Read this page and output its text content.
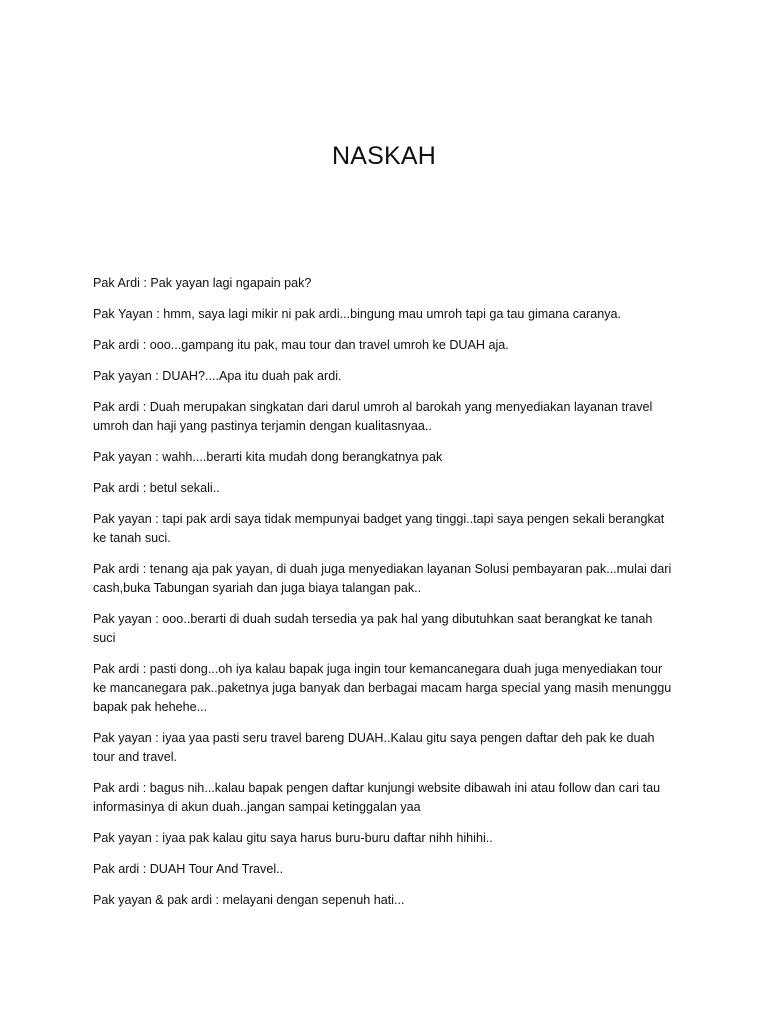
NASKAH

Pak Ardi : Pak yayan lagi ngapain pak?

Pak Yayan : hmm, saya lagi mikir ni pak ardi...bingung mau umroh tapi ga tau gimana caranya.

Pak ardi : ooo...gampang itu pak, mau tour dan travel umroh ke DUAH aja.

Pak yayan : DUAH?....Apa itu duah pak ardi.

Pak ardi : Duah merupakan singkatan dari darul umroh al barokah yang menyediakan layanan travel umroh dan haji yang pastinya terjamin dengan kualitasnyaa..

Pak yayan : wahh....berarti kita mudah dong berangkatnya pak

Pak ardi : betul sekali..

Pak yayan : tapi pak ardi saya tidak mempunyai badget yang tinggi..tapi saya pengen sekali berangkat ke tanah suci.

Pak ardi : tenang aja pak yayan, di duah juga menyediakan layanan Solusi pembayaran pak...mulai dari cash,buka Tabungan syariah dan juga biaya talangan pak..

Pak yayan : ooo..berarti di duah sudah tersedia ya pak hal yang dibutuhkan saat berangkat ke tanah suci

Pak ardi : pasti dong...oh iya kalau bapak juga ingin tour kemancanegara duah juga menyediakan tour ke mancanegara pak..paketnya juga banyak dan berbagai macam harga special yang masih menunggu bapak pak hehehe...

Pak yayan : iyaa yaa pasti seru travel bareng DUAH..Kalau gitu saya pengen daftar deh pak ke duah tour and travel.

Pak ardi : bagus nih...kalau bapak pengen daftar kunjungi website dibawah ini atau follow dan cari tau informasinya di akun duah..jangan sampai ketinggalan yaa

Pak yayan : iyaa pak kalau gitu saya harus buru-buru daftar nihh hihihi..

Pak ardi : DUAH Tour And Travel..

Pak yayan & pak ardi : melayani dengan sepenuh hati...
